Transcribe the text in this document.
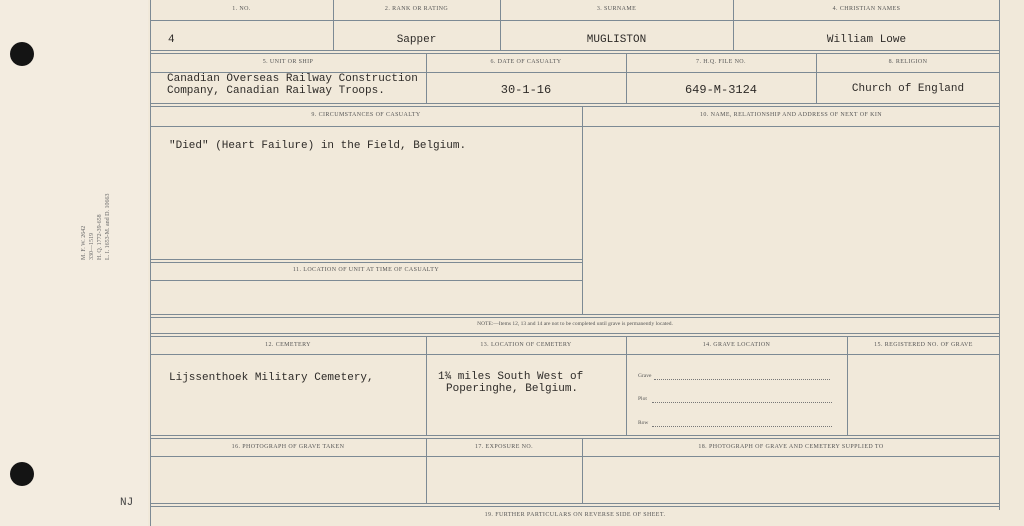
M. F. W. 2642 330—1519 H. Q. 1772-39-658 L. I. 1653-M. and D. 10663
NJ
1. NO.	2. RANK OR RATING	3. SURNAME	4. CHRISTIAN NAMES
4	Sapper	MUGLISTON	William Lowe
5. UNIT OR SHIP	6. DATE OF CASUALTY	7. H.Q. FILE NO.	8. RELIGION
Canadian Overseas Railway Construction
Company, Canadian Railway Troops.	30-1-16	649-M-3124	Church of England
9. CIRCUMSTANCES OF CASUALTY	10. NAME, RELATIONSHIP AND ADDRESS OF NEXT OF KIN
"Died" (Heart Failure) in the Field, Belgium.
11. LOCATION OF UNIT AT TIME OF CASUALTY
NOTE:—Items 12, 13 and 14 are not to be completed until grave is permanently located.
12. CEMETERY	13. LOCATION OF CEMETERY	14. GRAVE LOCATION	15. REGISTERED NO. OF GRAVE
Lijssenthoek Military Cemetery,	1¾ miles South West of
Poperinghe, Belgium.
Grave
Plot
Row
16. PHOTOGRAPH OF GRAVE TAKEN	17. EXPOSURE NO.	18. PHOTOGRAPH OF GRAVE AND CEMETERY SUPPLIED TO
19. FURTHER PARTICULARS ON REVERSE SIDE OF SHEET.
